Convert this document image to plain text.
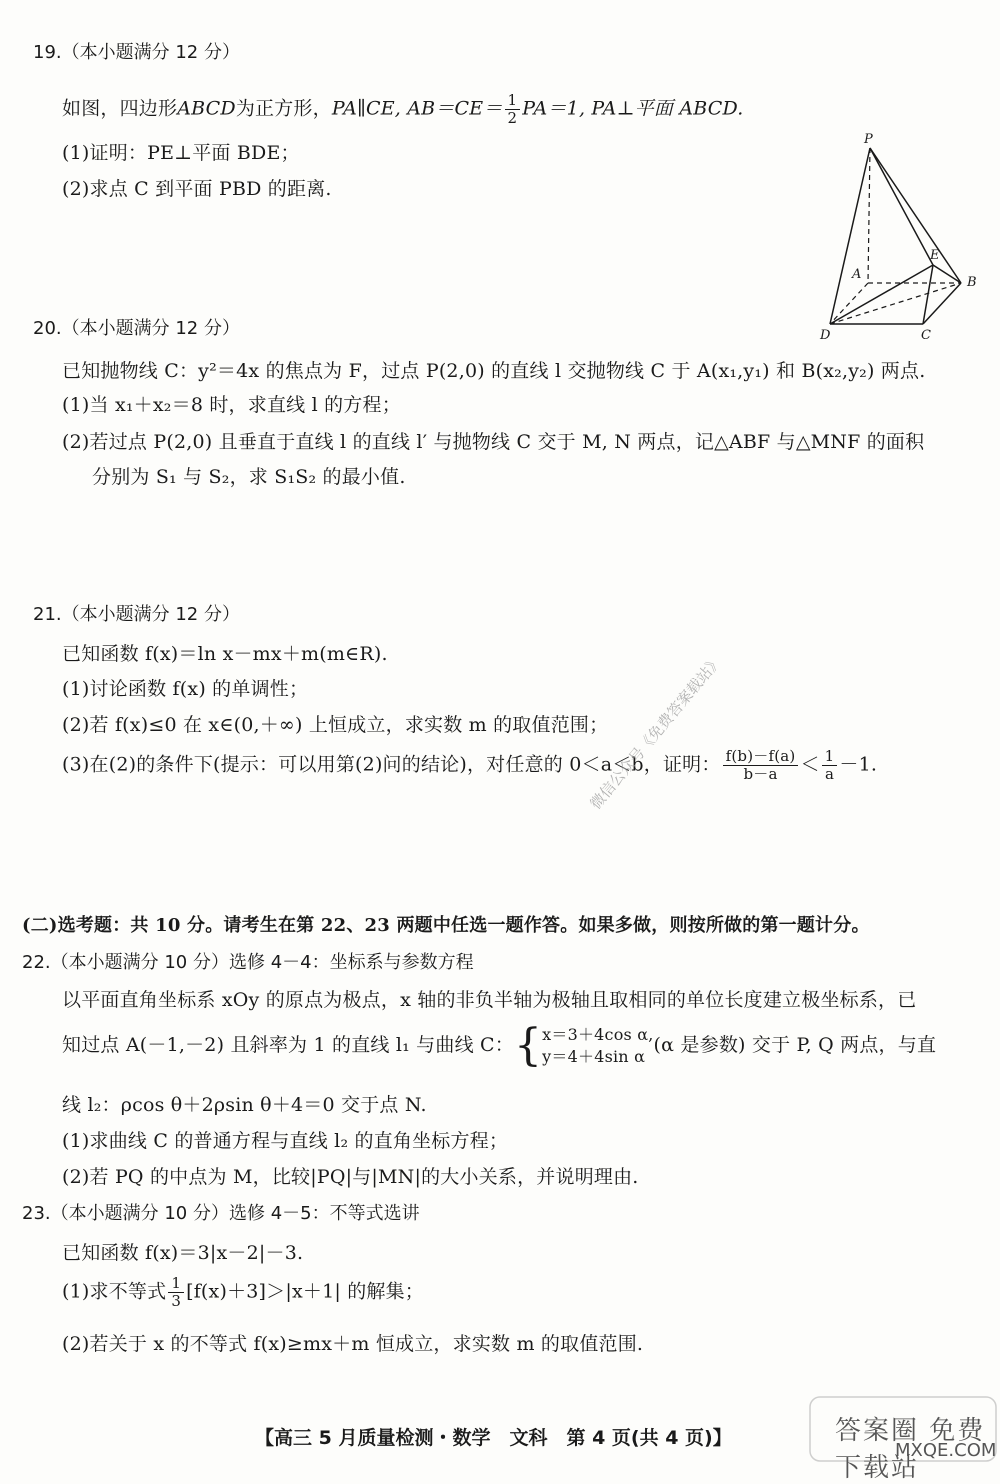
19.（本小题满分 12 分）
如图，四边形ABCD为正方形，PA∥CE, $AB=CE= \frac{1}{2} PA=1$, PA⊥平面 ABCD.
(1)证明：PE⊥平面 BDE；
(2)求点 C 到平面 PBD 的距离.
P
A
E
B
D	C
20.（本小题满分 12 分）
已知抛物线 C：y²＝4x 的焦点为 F，过点 P(2,0) 的直线 l 交抛物线 C 于 A(x₁,y₁) 和 B(x₂,y₂) 两点.
(1)当 x₁＋x₂＝8 时，求直线 l 的方程；
(2)若过点 P(2,0) 且垂直于直线 l 的直线 l′ 与抛物线 C 交于 M, N 两点，记△ABF 与△MNF 的面积
分别为 S₁ 与 S₂，求 S₁S₂ 的最小值.
21.（本小题满分 12 分）
已知函数 f(x)＝ln x－mx＋m(m∈R).
(1)讨论函数 f(x) 的单调性；
(2)若 f(x)≤0 在 x∈(0,＋∞) 上恒成立，求实数 m 的取值范围；
(3)在(2)的条件下(提示：可以用第(2)问的结论)，对任意的 0＜a＜b，证明： $\frac{f(b)-f(a)}{b-a} < \frac{1}{a} -1$.
微信公众号《免费答案载站》
(二)选考题：共 10 分。请考生在第 22、23 两题中任选一题作答。如果多做，则按所做的第一题计分。
22.（本小题满分 10 分）选修 4－4：坐标系与参数方程
以平面直角坐标系 xOy 的原点为极点，x 轴的非负半轴为极轴且取相同的单位长度建立极坐标系，已
知过点 A(－1,－2) 且斜率为 1 的直线 l₁ 与曲线 C：{ x＝3＋4cos α,
y＝4＋4sin α
(α 是参数) 交于 P, Q 两点，与直
线 l₂：ρcos θ＋2ρsin θ＋4＝0 交于点 N.
(1)求曲线 C 的普通方程与直线 l₂ 的直角坐标方程；
(2)若 PQ 的中点为 M，比较|PQ|与|MN|的大小关系，并说明理由.
23.（本小题满分 10 分）选修 4－5：不等式选讲
已知函数 f(x)＝3|x－2|－3.
(1)求不等式 $\frac{1}{3} [f(x)+3]>|x+1|$ 的解集；
(2)若关于 x 的不等式 f(x)≥mx＋m 恒成立，求实数 m 的取值范围.
答案圈 免费下载站
MXQE.COM
【高三 5 月质量检测・数学　文科　第 4 页(共 4 页)】
